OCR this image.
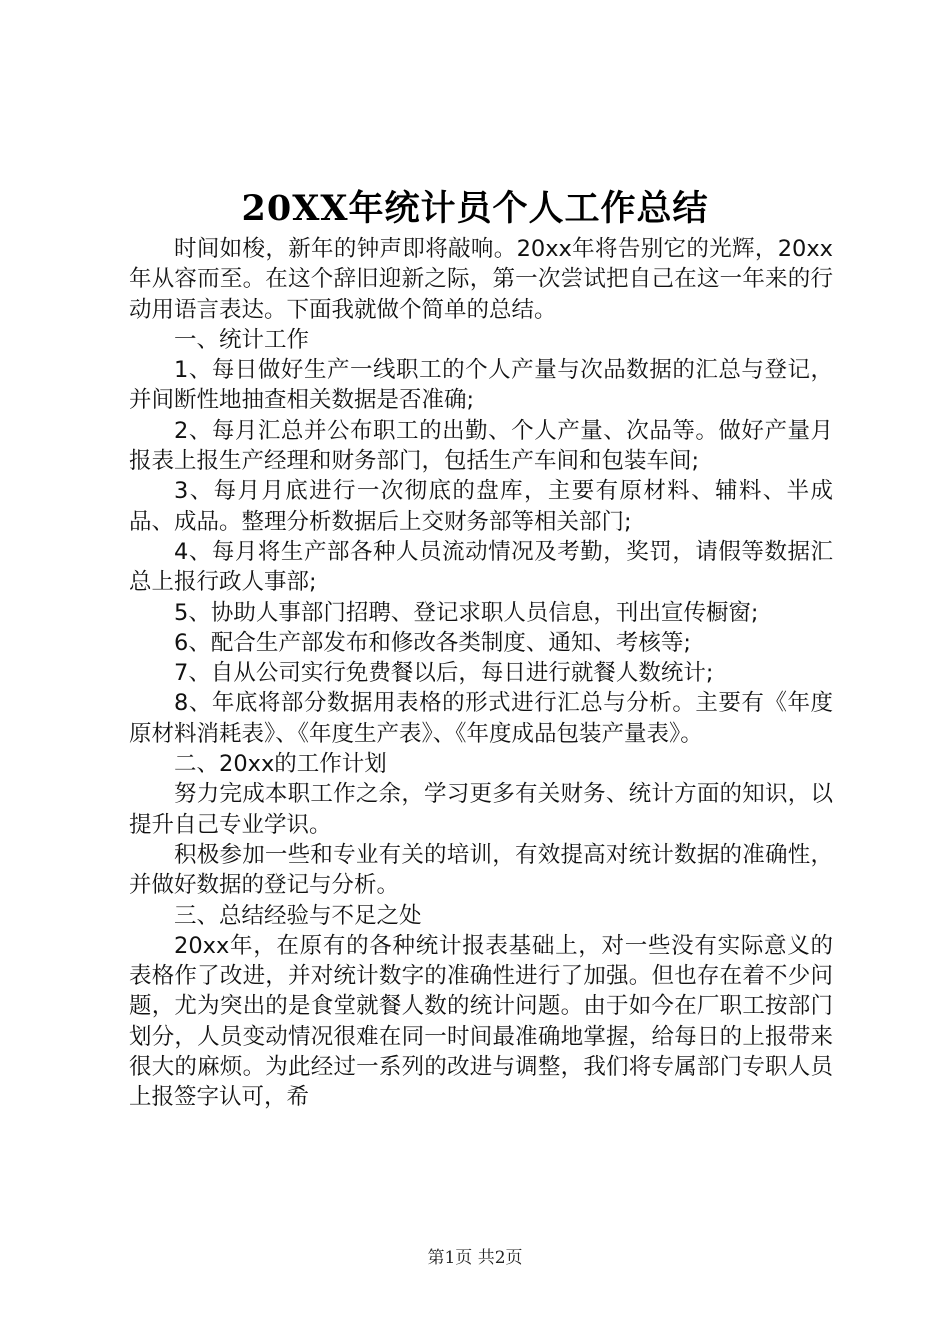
20XX年统计员个人工作总结

时间如梭，新年的钟声即将敲响。20xx年将告别它的光辉，20xx年从容而至。在这个辞旧迎新之际，第一次尝试把自己在这一年来的行动用语言表达。下面我就做个简单的总结。

一、统计工作

1、每日做好生产一线职工的个人产量与次品数据的汇总与登记，并间断性地抽查相关数据是否准确;

2、每月汇总并公布职工的出勤、个人产量、次品等。做好产量月报表上报生产经理和财务部门，包括生产车间和包装车间;

3、每月月底进行一次彻底的盘库，主要有原材料、辅料、半成品、成品。整理分析数据后上交财务部等相关部门;

4、每月将生产部各种人员流动情况及考勤，奖罚，请假等数据汇总上报行政人事部;

5、协助人事部门招聘、登记求职人员信息，刊出宣传橱窗;

6、配合生产部发布和修改各类制度、通知、考核等;

7、自从公司实行免费餐以后，每日进行就餐人数统计;

8、年底将部分数据用表格的形式进行汇总与分析。主要有《年度原材料消耗表》、《年度生产表》、《年度成品包装产量表》。

二、20xx的工作计划

努力完成本职工作之余，学习更多有关财务、统计方面的知识，以提升自己专业学识。

积极参加一些和专业有关的培训，有效提高对统计数据的准确性，并做好数据的登记与分析。

三、总结经验与不足之处

20xx年，在原有的各种统计报表基础上，对一些没有实际意义的表格作了改进，并对统计数字的准确性进行了加强。但也存在着不少问题，尤为突出的是食堂就餐人数的统计问题。由于如今在厂职工按部门划分，人员变动情况很难在同一时间最准确地掌握，给每日的上报带来很大的麻烦。为此经过一系列的改进与调整，我们将专属部门专职人员上报签字认可，希

第1页 共2页
